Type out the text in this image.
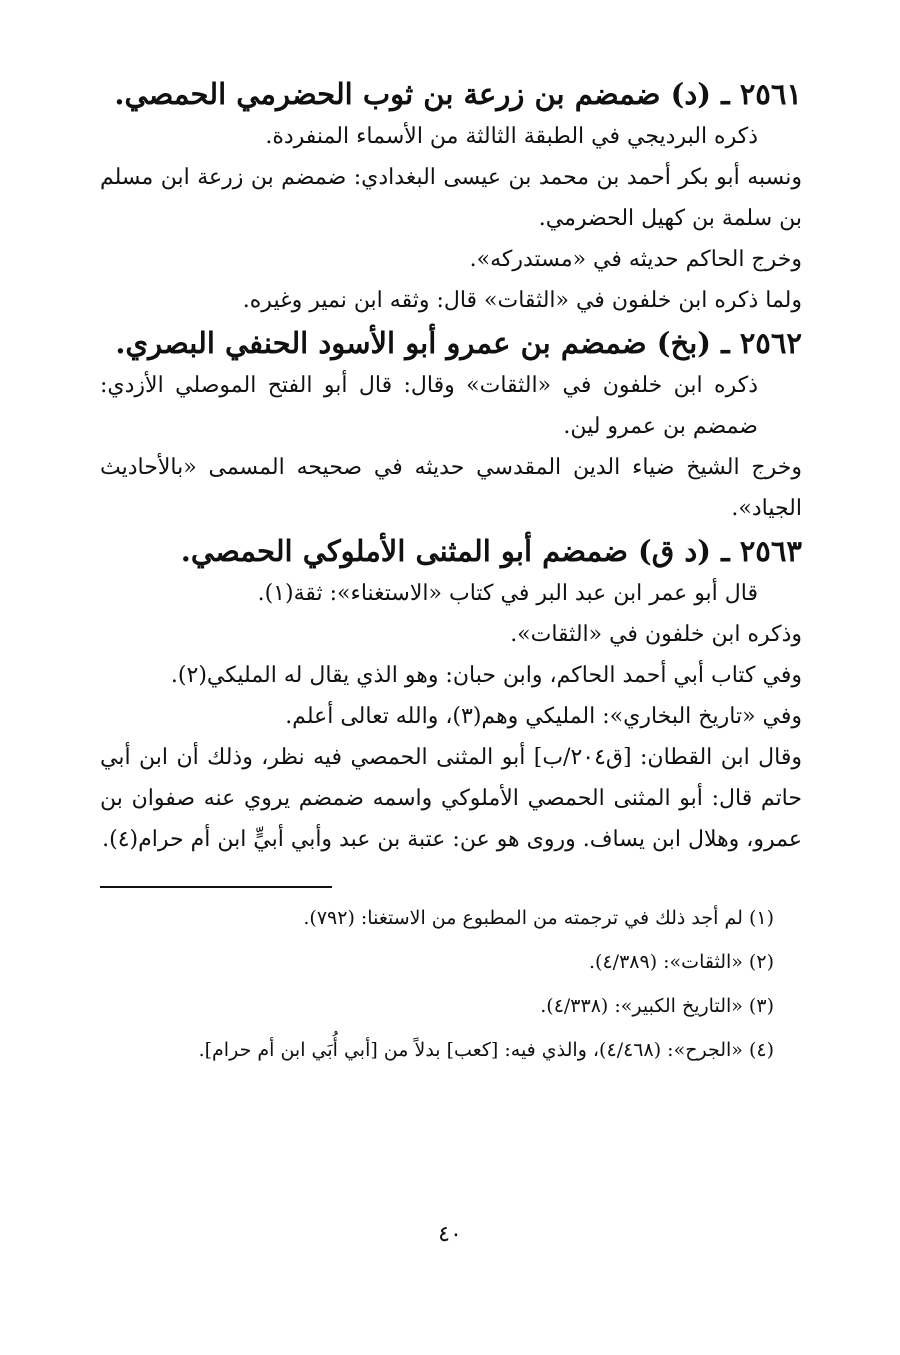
٢٥٦١ ـ (د) ضمضم بن زرعة بن ثوب الحضرمي الحمصي.

ذكره البرديجي في الطبقة الثالثة من الأسماء المنفردة.

ونسبه أبو بكر أحمد بن محمد بن عيسى البغدادي: ضمضم بن زرعة ابن مسلم بن سلمة بن كهيل الحضرمي.

وخرج الحاكم حديثه في «مستدركه».

ولما ذكره ابن خلفون في «الثقات» قال: وثقه ابن نمير وغيره.

٢٥٦٢ ـ (بخ) ضمضم بن عمرو أبو الأسود الحنفي البصري.

ذكره ابن خلفون في «الثقات» وقال: قال أبو الفتح الموصلي الأزدي: ضمضم بن عمرو لين.

وخرج الشيخ ضياء الدين المقدسي حديثه في صحيحه المسمى «بالأحاديث الجياد».

٢٥٦٣ ـ (د ق) ضمضم أبو المثنى الأملوكي الحمصي.

قال أبو عمر ابن عبد البر في كتاب «الاستغناء»: ثقة(١).

وذكره ابن خلفون في «الثقات».

وفي كتاب أبي أحمد الحاكم، وابن حبان: وهو الذي يقال له المليكي(٢).

وفي «تاريخ البخاري»: المليكي وهم(٣)، والله تعالى أعلم.

وقال ابن القطان: [ق٢٠٤/ب] أبو المثنى الحمصي فيه نظر، وذلك أن ابن أبي حاتم قال: أبو المثنى الحمصي الأملوكي واسمه ضمضم يروي عنه صفوان بن عمرو، وهلال ابن يساف. وروى هو عن: عتبة بن عبد وأبي أبيٍّ ابن أم حرام(٤).

(١) لم أجد ذلك في ترجمته من المطبوع من الاستغنا: (٧٩٢).

(٢) «الثقات»: (٤/٣٨٩).

(٣) «التاريخ الكبير»: (٤/٣٣٨).

(٤) «الجرح»: (٤/٤٦٨)، والذي فيه: [كعب] بدلاً من [أبي أُبَي ابن أم حرام].

٤٠
